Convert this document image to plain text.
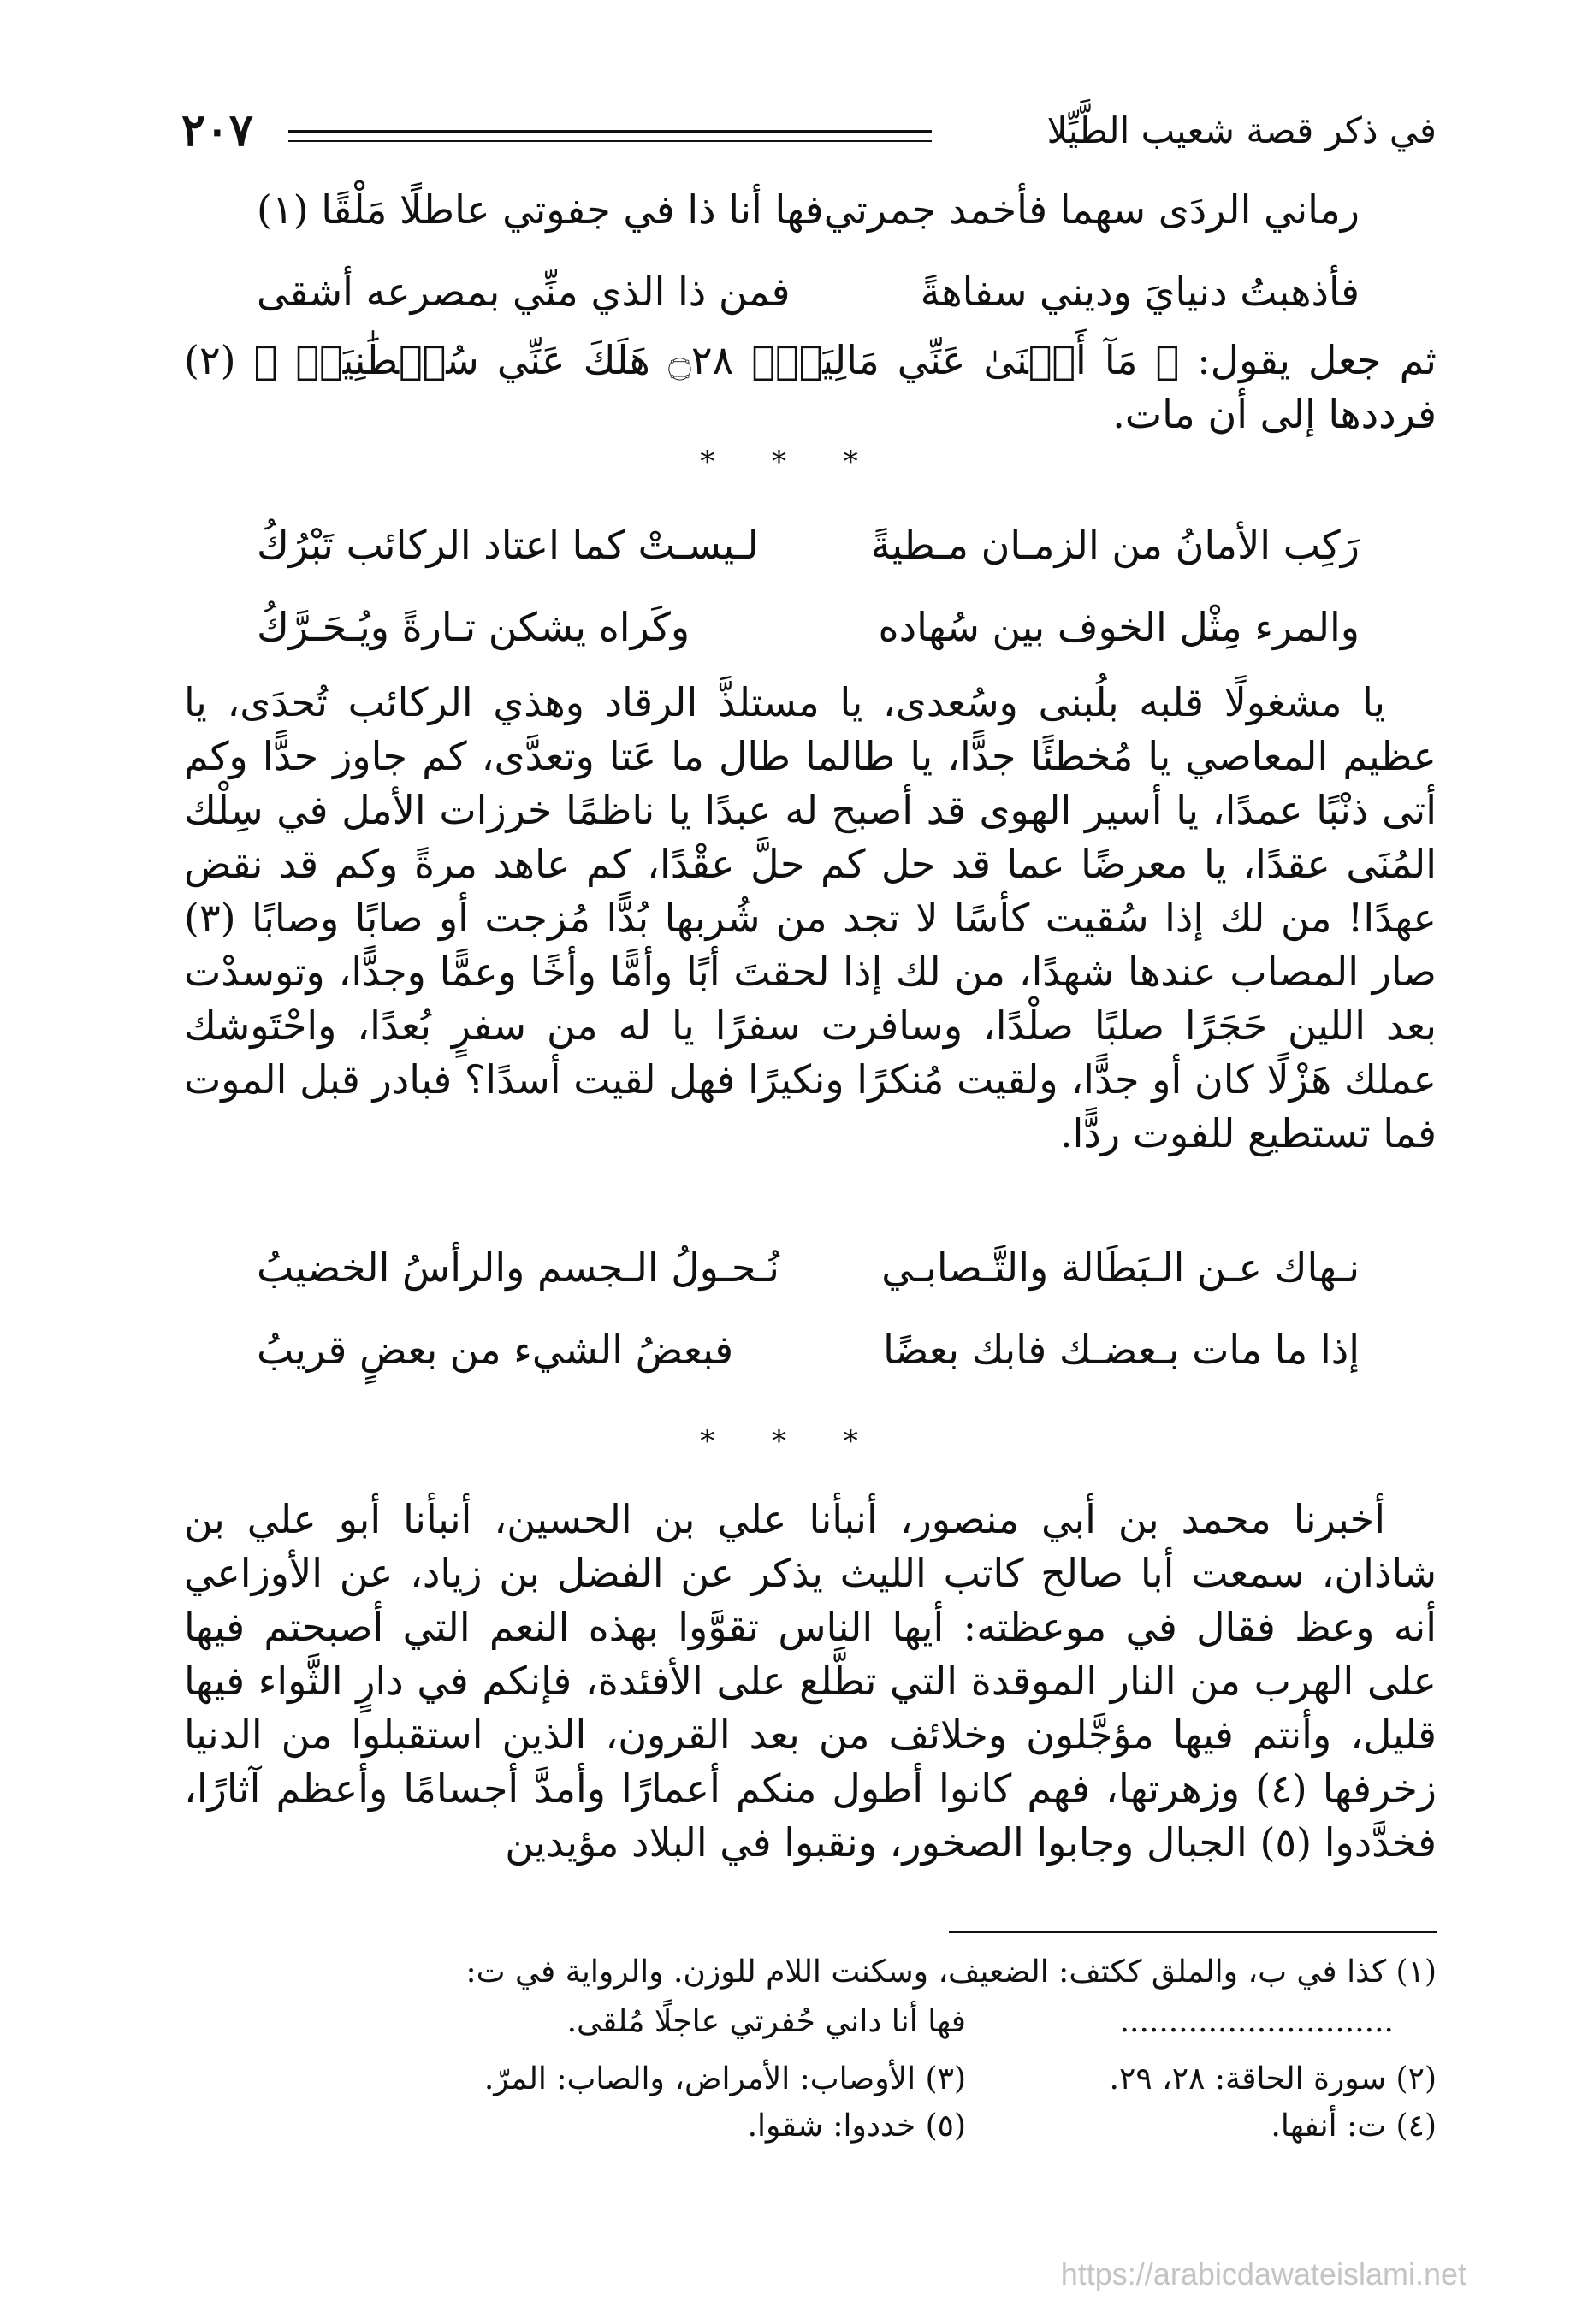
في ذكر قصة شعيب الطَّيِّلا
٢٠٧
رماني الردَى سهما فأخمد جمرتي
فها أنا ذا في جفوتي عاطلًا مَلْقًا (١)
فأذهبتُ دنيايَ وديني سفاهةً
فمن ذا الذي منِّي بمصرعه أشقى

ثم جعل يقول: ﴿ مَآ أَغۡنَىٰ عَنِّي مَالِيَهۡۜ ۝٢٨ هَلَكَ عَنِّي سُلۡطَٰنِيَهۡ ﴾ (٢) فرددها إلى أن مات.

* * *
رَكِب الأمانُ من الزمـان مـطيةً
لـيسـتْ كما اعتاد الركائب تَبْرُكُ
والمرء مِثْل الخوف بين سُهاده
وكَراه يشكن تـارةً ويُـحَـرَّكُ

يا مشغولًا قلبه بلُبنى وسُعدى، يا مستلذَّ الرقاد وهذي الركائب تُحدَى، يا عظيم المعاصي يا مُخطئًا جدًّا، يا طالما طال ما عَتا وتعدَّى، كم جاوز حدًّا وكم أتى ذنْبًا عمدًا، يا أسير الهوى قد أصبح له عبدًا يا ناظمًا خرزات الأمل في سِلْك المُنَى عقدًا، يا معرضًا عما قد حل كم حلَّ عقْدًا، كم عاهد مرةً وكم قد نقض عهدًا! من لك إذا سُقيت كأسًا لا تجد من شُربها بُدًّا مُزجت أو صابًا وصابًا (٣) صار المصاب عندها شهدًا، من لك إذا لحقتَ أبًا وأمًّا وأخًا وعمًّا وجدًّا، وتوسدْت بعد اللين حَجَرًا صلبًا صلْدًا، وسافرت سفرًا يا له من سفرٍ بُعدًا، واحْتَوشك عملك هَزْلًا كان أو جدًّا، ولقيت مُنكرًا ونكيرًا فهل لقيت أسدًا؟ فبادر قبل الموت فما تستطيع للفوت ردًّا.

نـهاك عـن الـبَطَالة والتَّـصابـي
نُـحـولُ الـجسم والرأسُ الخضيبُ
إذا ما مات بـعضـك فابك بعضًا
فبعضُ الشيء من بعضٍ قريبُ
* * *

أخبرنا محمد بن أبي منصور، أنبأنا علي بن الحسين، أنبأنا أبو علي بن شاذان، سمعت أبا صالح كاتب الليث يذكر عن الفضل بن زياد، عن الأوزاعي أنه وعظ فقال في موعظته: أيها الناس تقوَّوا بهذه النعم التي أصبحتم فيها على الهرب من النار الموقدة التي تطَّلع على الأفئدة، فإنكم في دارٍ الثَّواء فيها قليل، وأنتم فيها مؤجَّلون وخلائف من بعد القرون، الذين استقبلوا من الدنيا زخرفها (٤) وزهرتها، فهم كانوا أطول منكم أعمارًا وأمدَّ أجسامًا وأعظم آثارًا، فخدَّدوا (٥) الجبال وجابوا الصخور، ونقبوا في البلاد مؤيدين

(١) كذا في ب، والملق ككتف: الضعيف، وسكنت اللام للوزن. والرواية في ت:
فها أنا داني حُفرتي عاجلًا مُلقى.	............................
(٢) سورة الحاقة: ٢٨، ٢٩.
(٣) الأوصاب: الأمراض، والصاب: المرّ.
(٤) ت: أنفها.
(٥) خددوا: شقوا.
https://arabicdawateislami.net
